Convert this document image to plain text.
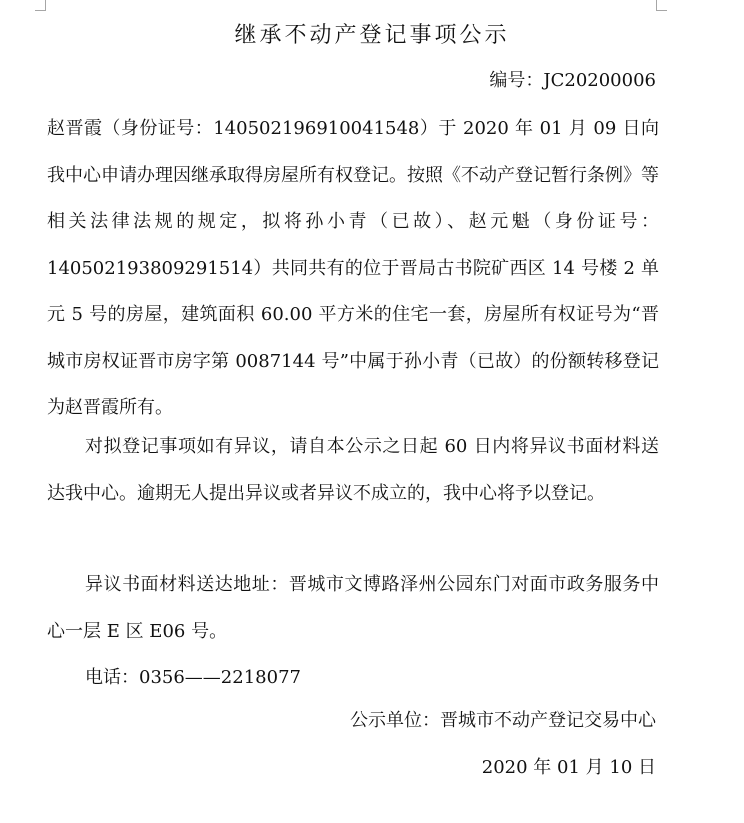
继承不动产登记事项公示
编号：JC20200006

赵晋霞（身份证号：140502196910041548）于 2020 年 01 月 09 日向我中心申请办理因继承取得房屋所有权登记。按照《不动产登记暂行条例》等相关法律法规的规定，拟将孙小青（已故）、赵元魁（身份证号：140502193809291514）共同共有的位于晋局古书院矿西区 14 号楼 2 单元 5 号的房屋，建筑面积 60.00 平方米的住宅一套，房屋所有权证号为“晋城市房权证晋市房字第 0087144 号”中属于孙小青（已故）的份额转移登记为赵晋霞所有。

对拟登记事项如有异议，请自本公示之日起 60 日内将异议书面材料送达我中心。逾期无人提出异议或者异议不成立的，我中心将予以登记。

异议书面材料送达地址：晋城市文博路泽州公园东门对面市政务服务中心一层 E 区 E06 号。

电话：0356——2218077

公示单位：晋城市不动产登记交易中心
2020 年 01 月 10 日
